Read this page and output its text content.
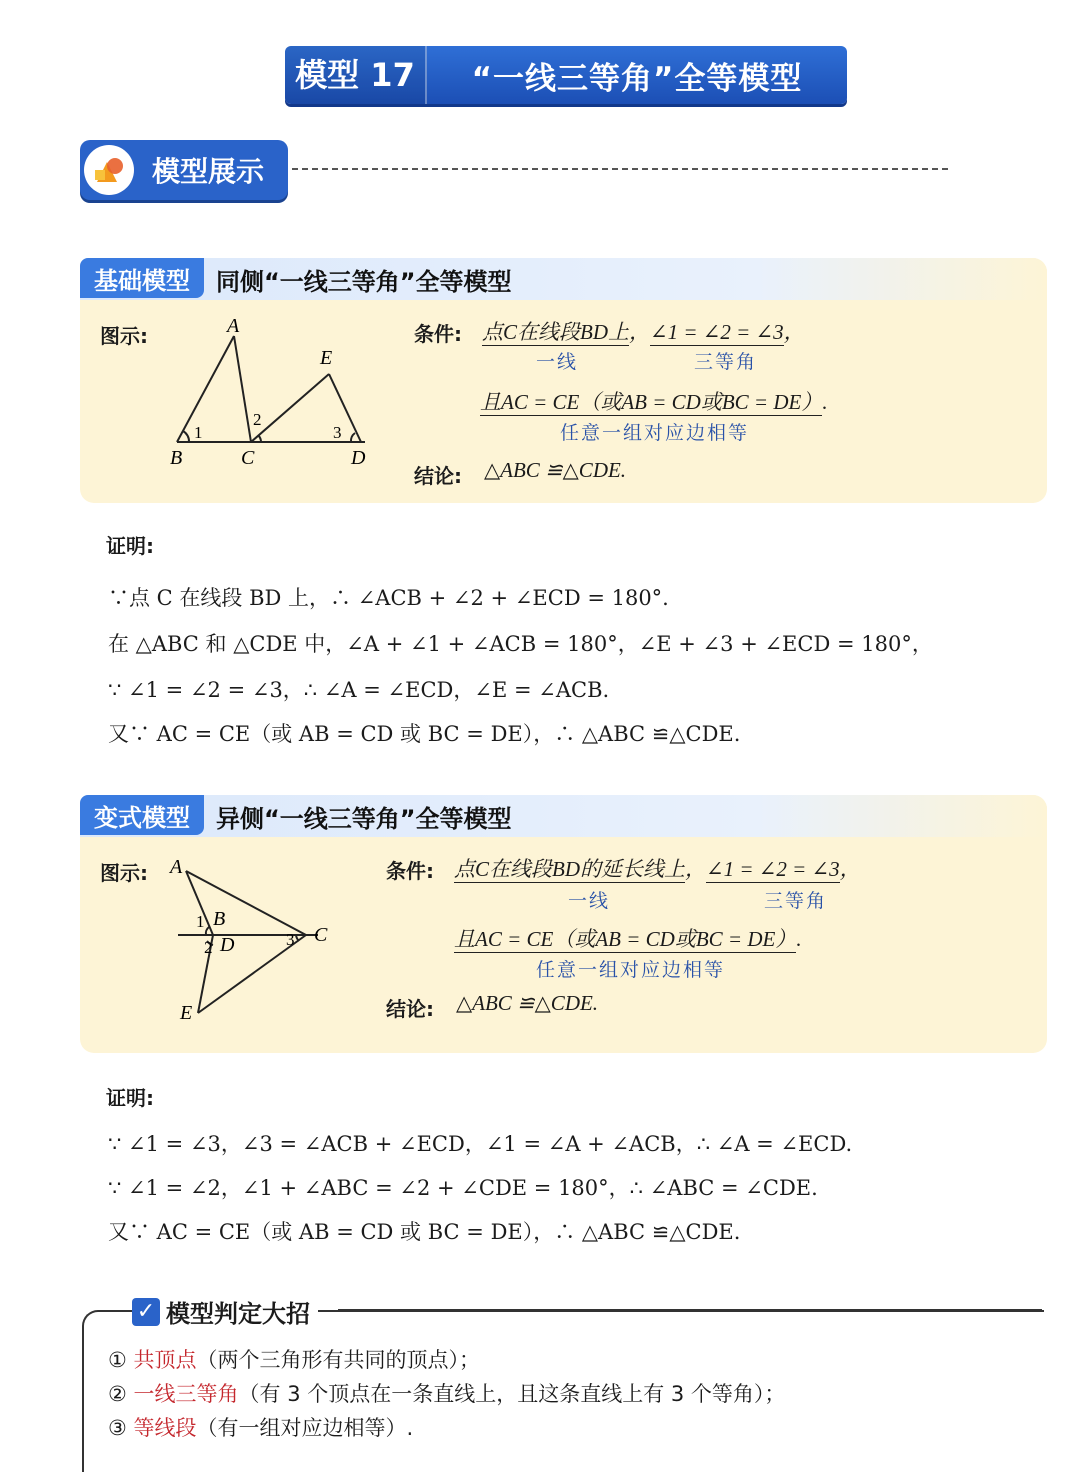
模型 17	“一线三等角”全等模型
模型展示
基础模型	同侧“一线三等角”全等模型
图示:	A
E
B	C	D
1
2
3
条件: 点C在线段BD上，∠1 = ∠2 = ∠3，
一线	三等角
且AC = CE（或AB = CD或BC = DE）.
任意一组对应边相等
结论: △ABC ≌△CDE.
证明:
∵点 C 在线段 BD 上，∴ ∠ACB + ∠2 + ∠ECD = 180°.
在 △ABC 和 △CDE 中，∠A + ∠1 + ∠ACB = 180°，∠E + ∠3 + ∠ECD = 180°，
∵ ∠1 = ∠2 = ∠3，∴ ∠A = ∠ECD，∠E = ∠ACB.
又∵ AC = CE（或 AB = CD 或 BC = DE），∴ △ABC ≌△CDE.
变式模型	异侧“一线三等角”全等模型
图示: A
B
C
D
E
1
2	3
条件: 点C在线段BD的延长线上，∠1 = ∠2 = ∠3，
一线	三等角
且AC = CE（或AB = CD或BC = DE）.
任意一组对应边相等
结论: △ABC ≌△CDE.
证明:
∵ ∠1 = ∠3，∠3 = ∠ACB + ∠ECD，∠1 = ∠A + ∠ACB，∴ ∠A = ∠ECD.
∵ ∠1 = ∠2，∠1 + ∠ABC = ∠2 + ∠CDE = 180°，∴ ∠ABC = ∠CDE.
又∵ AC = CE（或 AB = CD 或 BC = DE），∴ △ABC ≌△CDE.
✓ 模型判定大招
① 共顶点（两个三角形有共同的顶点）；
② 一线三等角（有 3 个顶点在一条直线上，且这条直线上有 3 个等角）；
③ 等线段（有一组对应边相等）.
